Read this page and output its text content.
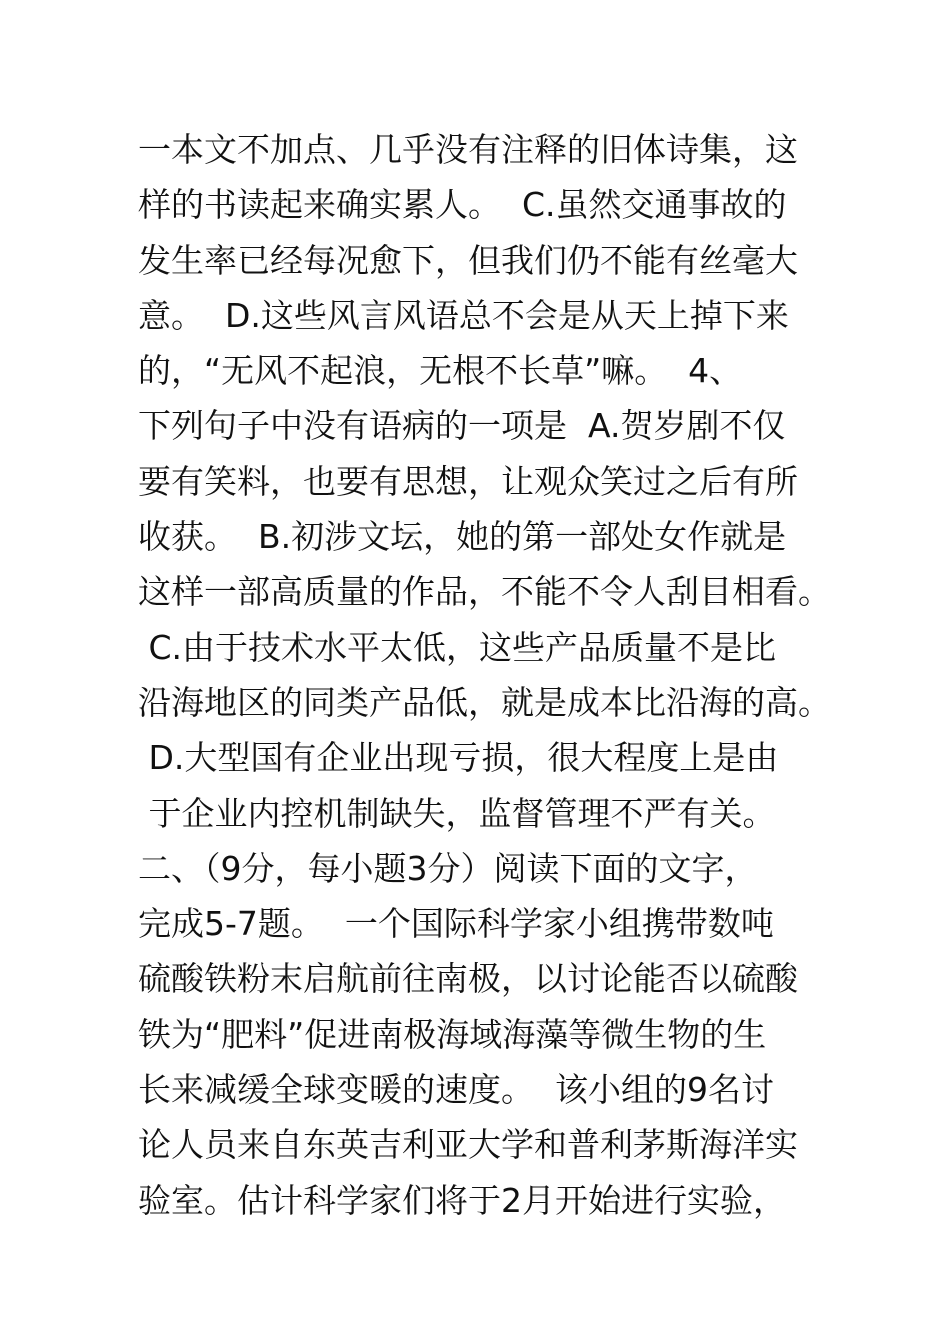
一本文不加点、几乎没有注释的旧体诗集，这
样的书读起来确实累人。  C.虽然交通事故的
发生率已经每况愈下，但我们仍不能有丝毫大
意。  D.这些风言风语总不会是从天上掉下来
的，“无风不起浪，无根不长草”嘛。  4、
下列句子中没有语病的一项是  A.贺岁剧不仅
要有笑料，也要有思想，让观众笑过之后有所
收获。  B.初涉文坛，她的第一部处女作就是
这样一部高质量的作品，不能不令人刮目相看。
C.由于技术水平太低，这些产品质量不是比
沿海地区的同类产品低，就是成本比沿海的高。
D.大型国有企业出现亏损，很大程度上是由
于企业内控机制缺失，监督管理不严有关。
二、（9分，每小题3分）阅读下面的文字，
完成5-7题。  一个国际科学家小组携带数吨
硫酸铁粉末启航前往南极，以讨论能否以硫酸
铁为“肥料”促进南极海域海藻等微生物的生
长来减缓全球变暖的速度。  该小组的9名讨
论人员来自东英吉利亚大学和普利茅斯海洋实
验室。估计科学家们将于2月开始进行实验，
